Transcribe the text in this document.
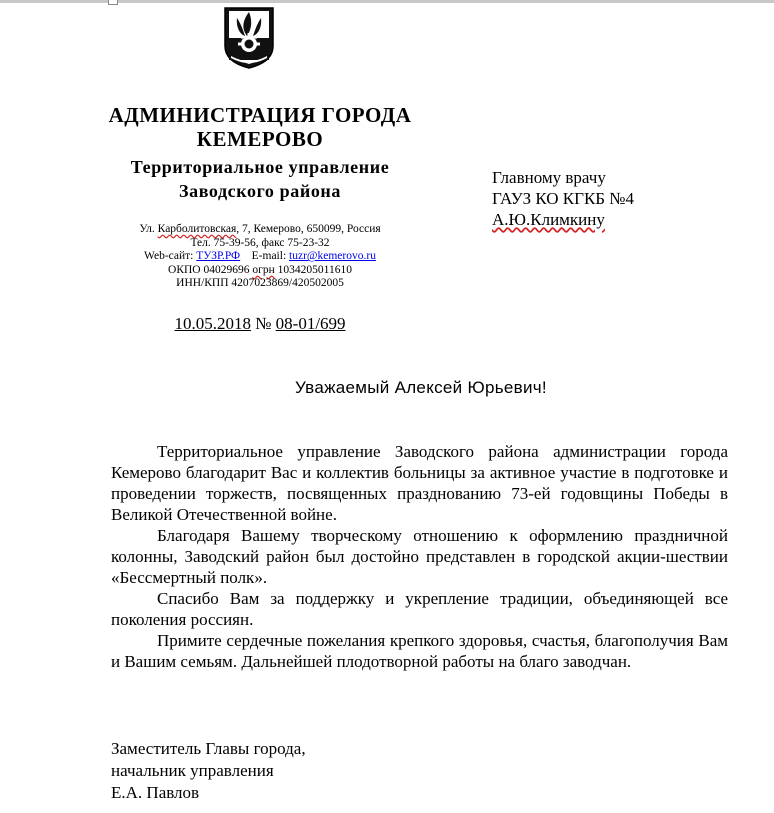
АДМИНИСТРАЦИЯ ГОРОДА
КЕМЕРОВО
Территориальное управление
Заводского района
Ул. Карболитовская, 7, Кемерово, 650099, Россия
Тел. 75-39-56, факс 75-23-32
Web-сайт: ТУЗР.РФ E-mail: tuzr@kemerovo.ru
ОКПО 04029696 огрн 1034205011610
ИНН/КПП 4207023869/420502005
10.05.2018 № 08-01/699
Главному врачу
ГАУЗ КО КГКБ №4
А.Ю.Климкину
Уважаемый Алексей Юрьевич!

Территориальное управление Заводского района администрации города Кемерово благодарит Вас и коллектив больницы за активное участие в подготовке и проведении торжеств, посвященных празднованию 73-ей годовщины Победы в Великой Отечественной войне.

Благодаря Вашему творческому отношению к оформлению праздничной колонны, Заводский район был достойно представлен в городской акции-шествии «Бессмертный полк».

Спасибо Вам за поддержку и укрепление традиции, объединяющей все поколения россиян.

Примите сердечные пожелания крепкого здоровья, счастья, благополучия Вам и Вашим семьям. Дальнейшей плодотворной работы на благо заводчан.

Заместитель Главы города,
начальник управления
Е.А. Павлов
